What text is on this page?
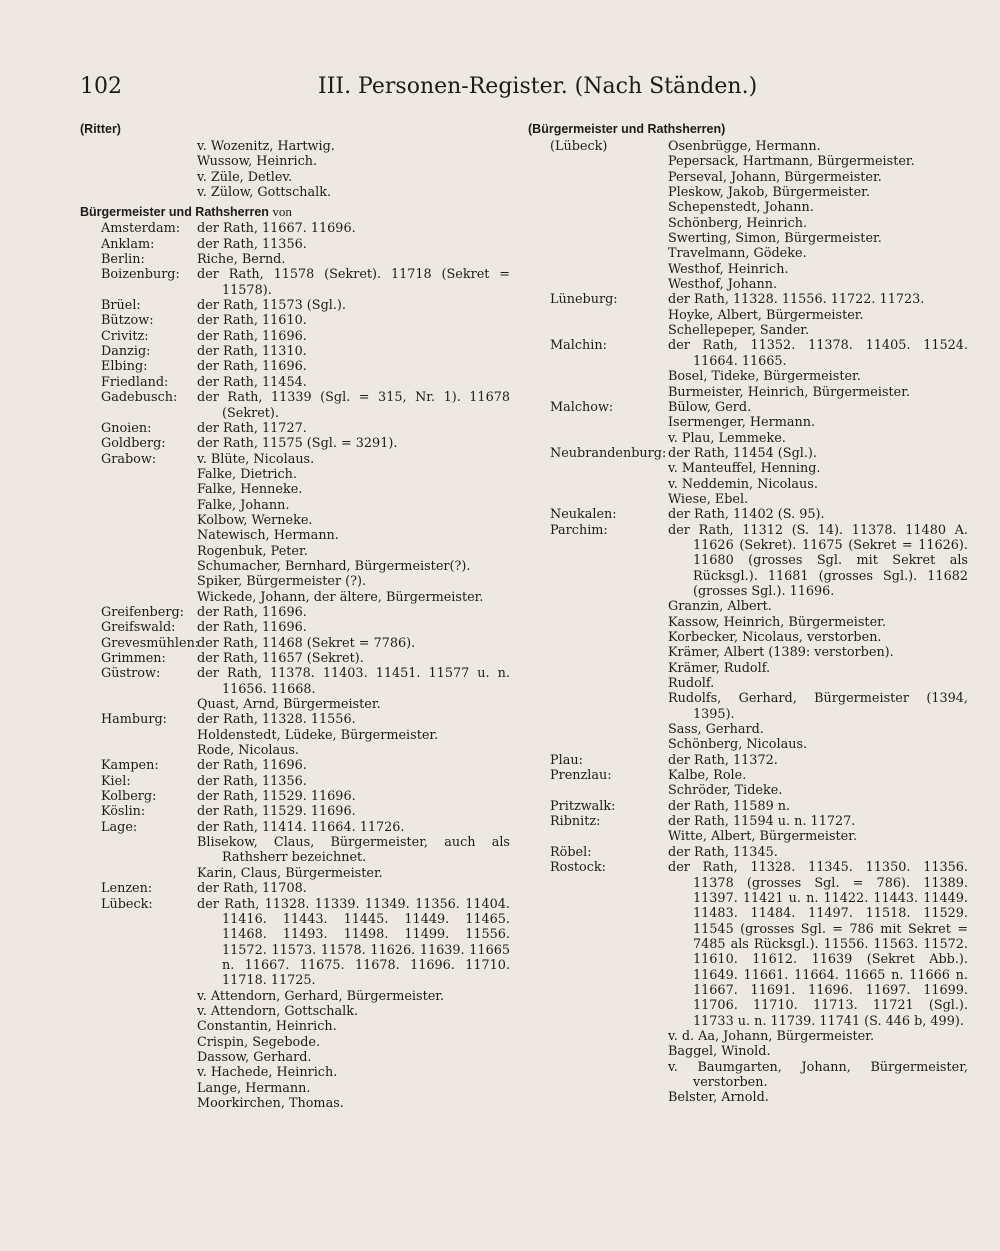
102	III. Personen-Register. (Nach Ständen.)
(Ritter)
v. Wozenitz, Hartwig.
Wussow, Heinrich.
v. Züle, Detlev.
v. Zülow, Gottschalk.
Bürgermeister und Rathsherren von
Amsterdam:	der Rath, 11667. 11696.
Anklam:	der Rath, 11356.
Berlin:	Riche, Bernd.
Boizenburg:	der Rath, 11578 (Sekret). 11718 (Sekret = 11578).
Brüel:	der Rath, 11573 (Sgl.).
Bützow:	der Rath, 11610.
Crivitz:	der Rath, 11696.
Danzig:	der Rath, 11310.
Elbing:	der Rath, 11696.
Friedland:	der Rath, 11454.
Gadebusch:	der Rath, 11339 (Sgl. = 315, Nr. 1). 11678 (Sekret).
Gnoien:	der Rath, 11727.
Goldberg:	der Rath, 11575 (Sgl. = 3291).
Grabow:	v. Blüte, Nicolaus.
Falke, Dietrich.
Falke, Henneke.
Falke, Johann.
Kolbow, Werneke.
Natewisch, Hermann.
Rogenbuk, Peter.
Schumacher, Bernhard, Bürgermeister(?).
Spiker, Bürgermeister (?).
Wickede, Johann, der ältere, Bürgermeister.
Greifenberg:	der Rath, 11696.
Greifswald:	der Rath, 11696.
Grevesmühlen:
der Rath, 11468 (Sekret = 7786).
Grimmen:	der Rath, 11657 (Sekret).
Güstrow:	der Rath, 11378. 11403. 11451. 11577 u. n. 11656. 11668.
Quast, Arnd, Bürgermeister.
Hamburg:	der Rath, 11328. 11556.
Holdenstedt, Lüdeke, Bürgermeister.
Rode, Nicolaus.
Kampen:	der Rath, 11696.
Kiel:	der Rath, 11356.
Kolberg:	der Rath, 11529. 11696.
Köslin:	der Rath, 11529. 11696.
Lage:	der Rath, 11414. 11664. 11726.
Blisekow, Claus, Bürgermeister, auch als Rathsherr bezeichnet.
Karin, Claus, Bürgermeister.
Lenzen:	der Rath, 11708.
Lübeck:	der Rath, 11328. 11339. 11349. 11356. 11404. 11416. 11443. 11445. 11449. 11465. 11468. 11493. 11498. 11499. 11556. 11572. 11573. 11578. 11626. 11639. 11665 n. 11667. 11675. 11678. 11696. 11710. 11718. 11725.
v. Attendorn, Gerhard, Bürgermeister.
v. Attendorn, Gottschalk.
Constantin, Heinrich.
Crispin, Segebode.
Dassow, Gerhard.
v. Hachede, Heinrich.
Lange, Hermann.
Moorkirchen, Thomas.
(Bürgermeister und Rathsherren)
(Lübeck)	Osenbrügge, Hermann.
Pepersack, Hartmann, Bürgermeister.
Perseval, Johann, Bürgermeister.
Pleskow, Jakob, Bürgermeister.
Schepenstedt, Johann.
Schönberg, Heinrich.
Swerting, Simon, Bürgermeister.
Travelmann, Gödeke.
Westhof, Heinrich.
Westhof, Johann.
Lüneburg:	der Rath, 11328. 11556. 11722. 11723.
Hoyke, Albert, Bürgermeister.
Schellepeper, Sander.
Malchin:	der Rath, 11352. 11378. 11405. 11524. 11664. 11665.
Bosel, Tideke, Bürgermeister.
Burmeister, Heinrich, Bürgermeister.
Malchow:	Bülow, Gerd.
Isermenger, Hermann.
v. Plau, Lemmeke.
Neubrandenburg: der Rath, 11454 (Sgl.).
v. Manteuffel, Henning.
v. Neddemin, Nicolaus.
Wiese, Ebel.
Neukalen:	der Rath, 11402 (S. 95).
Parchim:	der Rath, 11312 (S. 14). 11378. 11480 A. 11626 (Sekret). 11675 (Sekret = 11626). 11680 (grosses Sgl. mit Sekret als Rücksgl.). 11681 (grosses Sgl.). 11682 (grosses Sgl.). 11696.
Granzin, Albert.
Kassow, Heinrich, Bürgermeister.
Korbecker, Nicolaus, verstorben.
Krämer, Albert (1389: verstorben).
Krämer, Rudolf.
Rudolf.
Rudolfs, Gerhard, Bürgermeister (1394, 1395).
Sass, Gerhard.
Schönberg, Nicolaus.
Plau:	der Rath, 11372.
Prenzlau:	Kalbe, Role.
Schröder, Tideke.
Pritzwalk:	der Rath, 11589 n.
Ribnitz:	der Rath, 11594 u. n. 11727.
Witte, Albert, Bürgermeister.
Röbel:	der Rath, 11345.
Rostock:	der Rath, 11328. 11345. 11350. 11356. 11378 (grosses Sgl. = 786). 11389. 11397. 11421 u. n. 11422. 11443. 11449. 11483. 11484. 11497. 11518. 11529. 11545 (grosses Sgl. = 786 mit Sekret = 7485 als Rücksgl.). 11556. 11563. 11572. 11610. 11612. 11639 (Sekret Abb.). 11649. 11661. 11664. 11665 n. 11666 n. 11667. 11691. 11696. 11697. 11699. 11706. 11710. 11713. 11721 (Sgl.). 11733 u. n. 11739. 11741 (S. 446 b, 499).
v. d. Aa, Johann, Bürgermeister.
Baggel, Winold.
v. Baumgarten, Johann, Bürgermeister, verstorben.
Belster, Arnold.
